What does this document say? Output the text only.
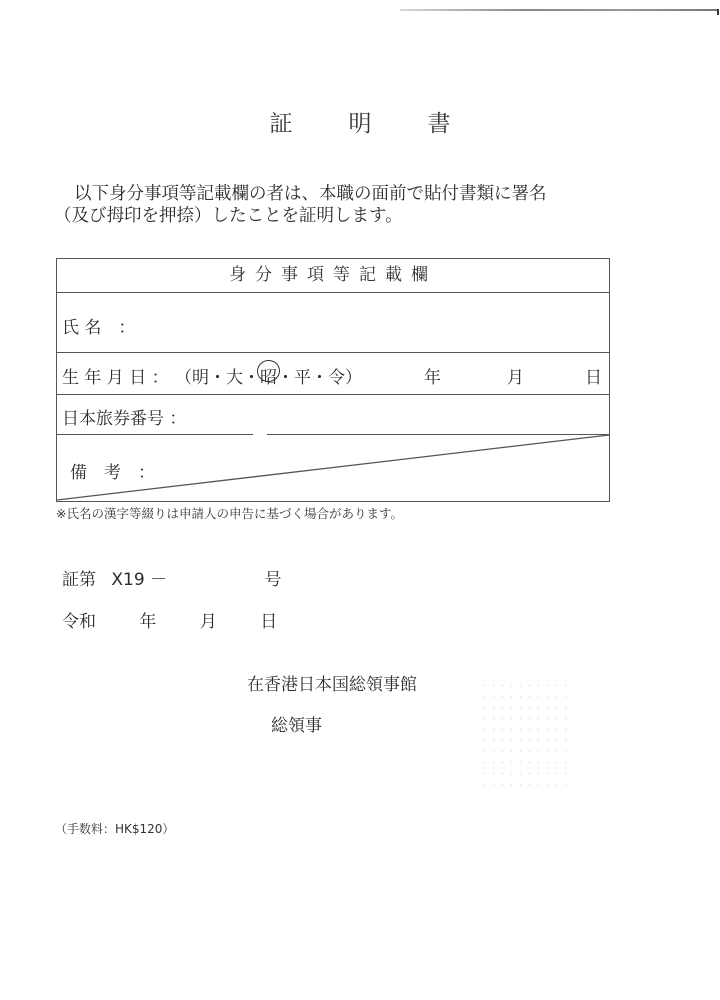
証 明 書
以下身分事項等記載欄の者は、本職の面前で貼付書類に署名
（及び拇印を押捺）したことを証明します。
身分事項等記載欄
氏 名　：
生 年 月 日 ： （明・大・昭・平・令）	年	月	日
日本旅券番号 ：
備　考　：
※氏名の漢字等綴りは申請人の申告に基づく場合があります。
証第 X19 －	号
令和	年	月	日
在香港日本国総領事館
総領事
（手数料：HK$120）
